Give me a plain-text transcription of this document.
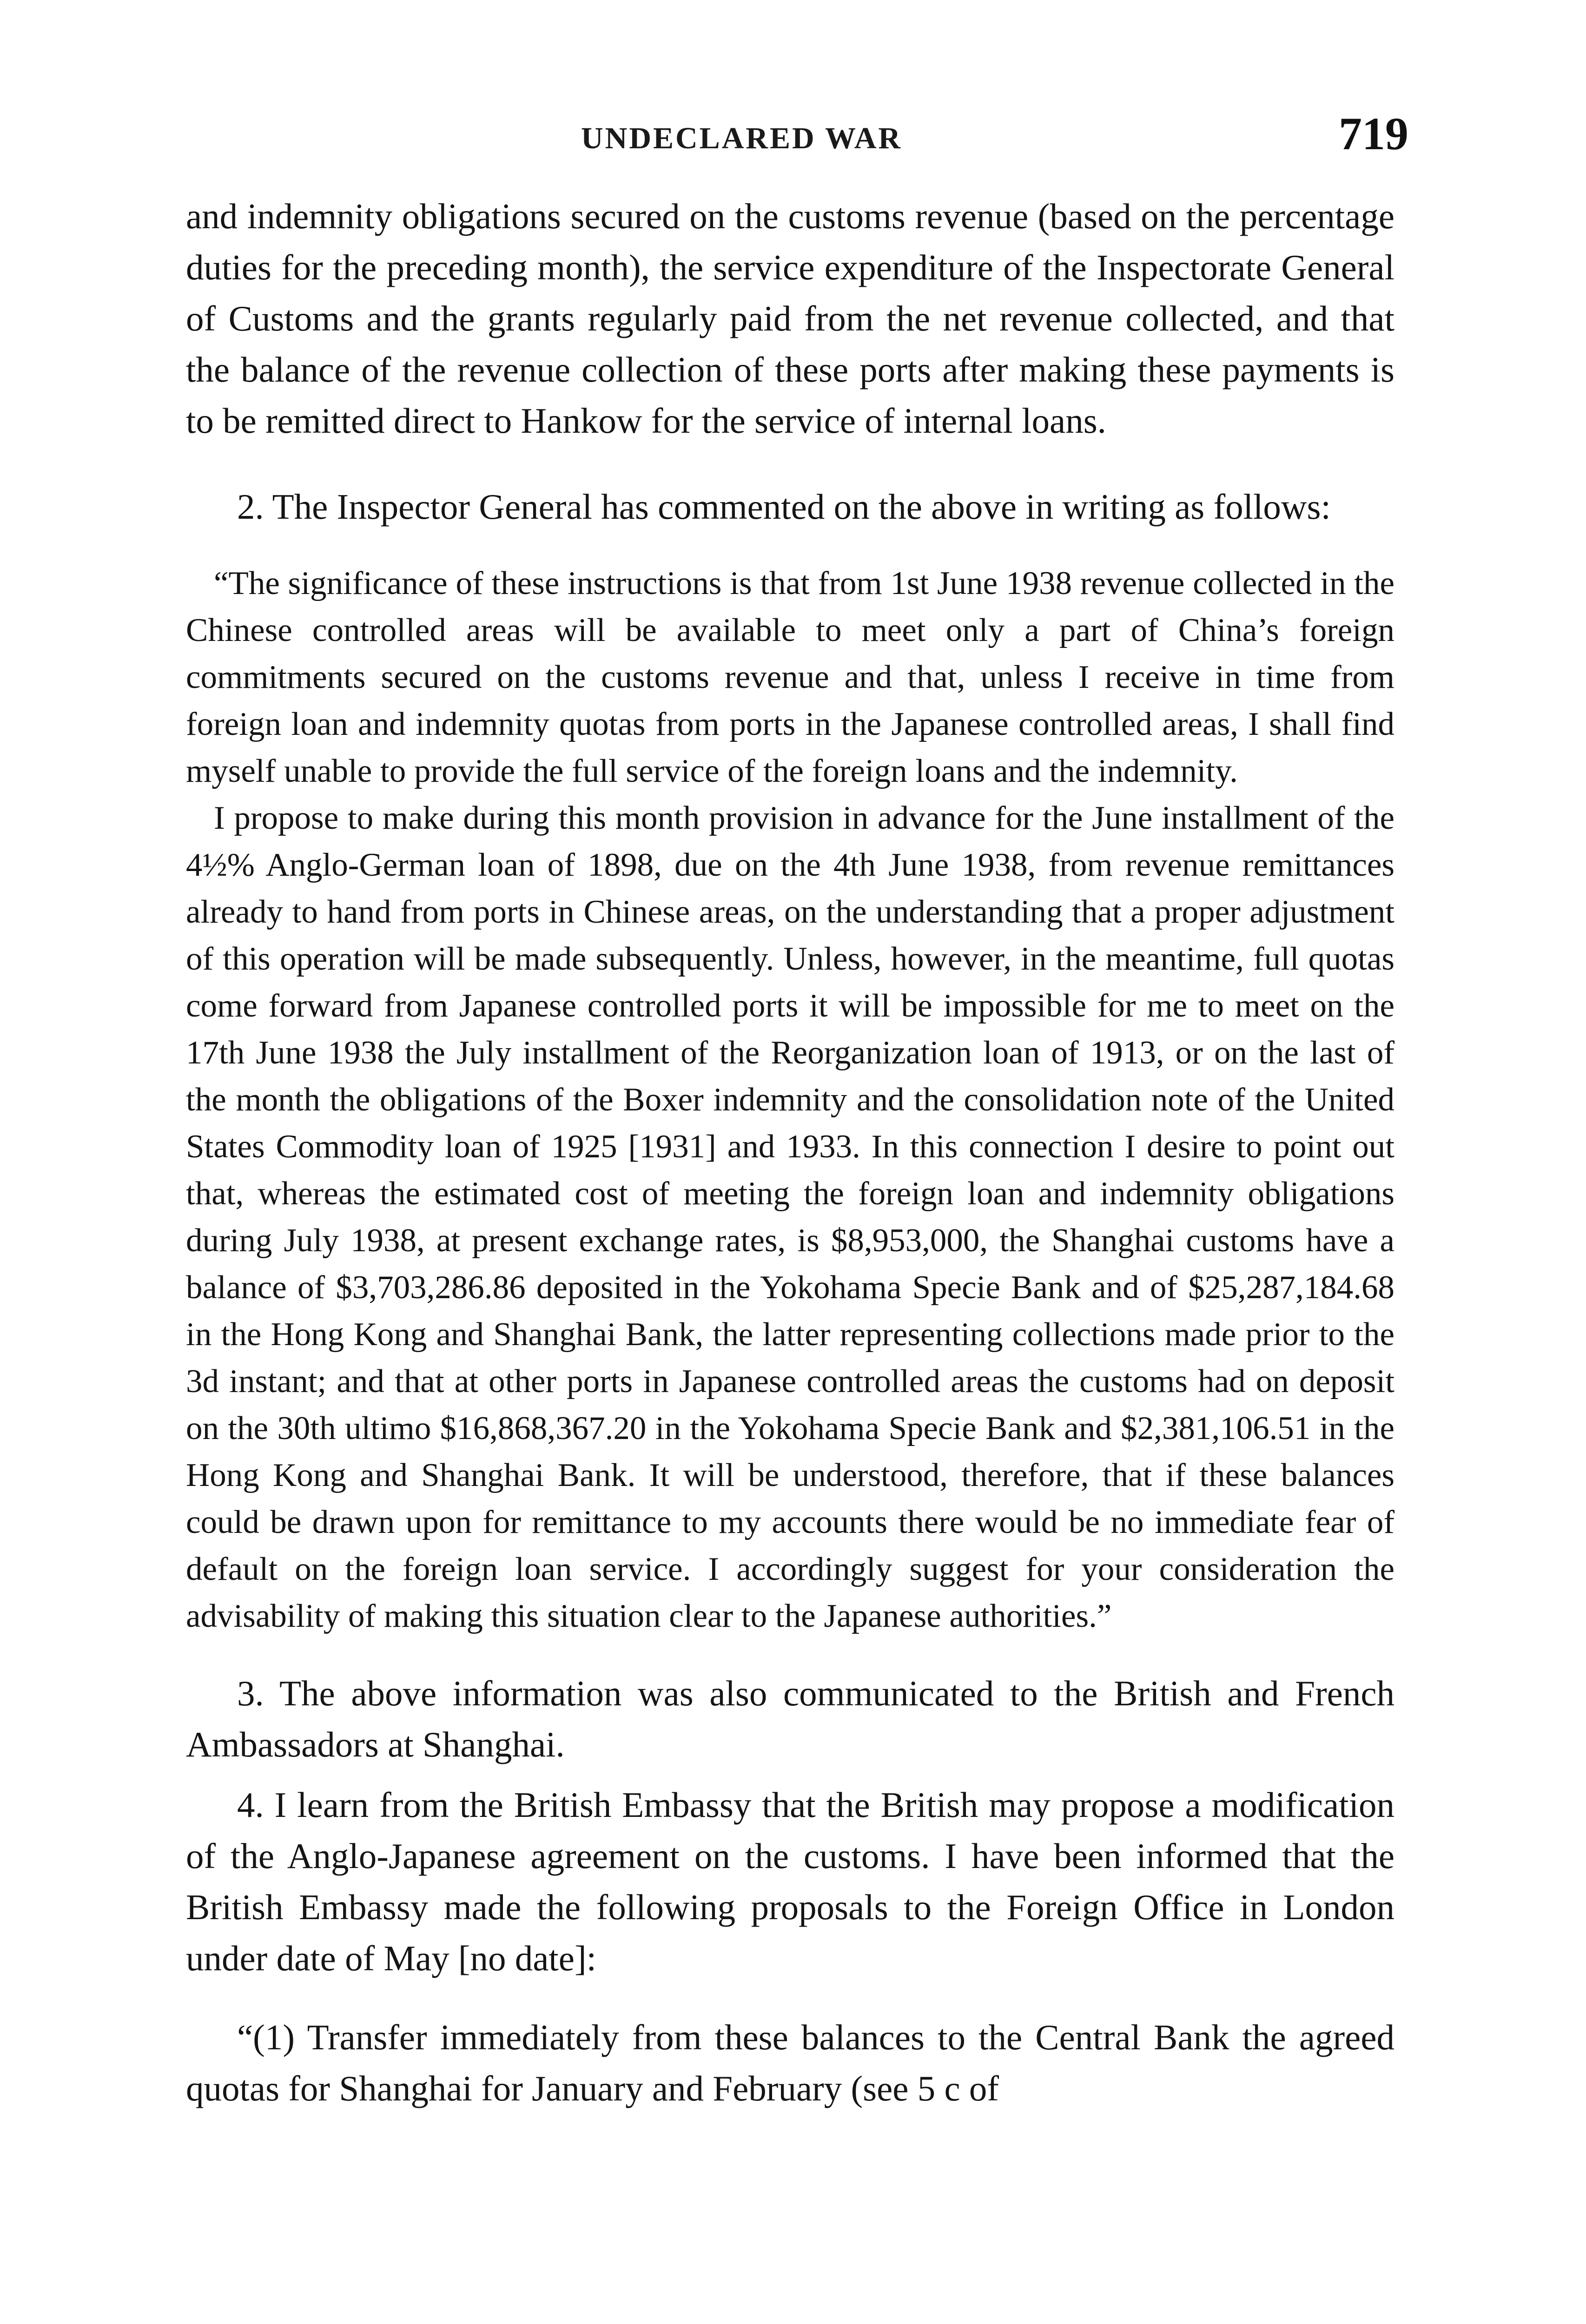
UNDECLARED WAR	719

and indemnity obligations secured on the customs revenue (based on the percentage duties for the preceding month), the service expenditure of the Inspectorate General of Customs and the grants regularly paid from the net revenue collected, and that the balance of the revenue collection of these ports after making these payments is to be remitted direct to Hankow for the service of internal loans.

2. The Inspector General has commented on the above in writing as follows:

“The significance of these instructions is that from 1st June 1938 revenue collected in the Chinese controlled areas will be available to meet only a part of China’s foreign commitments secured on the customs revenue and that, unless I receive in time from foreign loan and indemnity quotas from ports in the Japanese controlled areas, I shall find myself unable to provide the full service of the foreign loans and the indemnity.

I propose to make during this month provision in advance for the June installment of the 4½% Anglo-German loan of 1898, due on the 4th June 1938, from revenue remittances already to hand from ports in Chinese areas, on the understanding that a proper adjustment of this operation will be made subsequently. Unless, however, in the meantime, full quotas come forward from Japanese controlled ports it will be impossible for me to meet on the 17th June 1938 the July installment of the Reorganization loan of 1913, or on the last of the month the obligations of the Boxer indemnity and the consolidation note of the United States Commodity loan of 1925 [1931] and 1933. In this connection I desire to point out that, whereas the estimated cost of meeting the foreign loan and indemnity obligations during July 1938, at present exchange rates, is $8,953,000, the Shanghai customs have a balance of $3,703,286.86 deposited in the Yokohama Specie Bank and of $25,287,184.68 in the Hong Kong and Shanghai Bank, the latter representing collections made prior to the 3d instant; and that at other ports in Japanese controlled areas the customs had on deposit on the 30th ultimo $16,868,367.20 in the Yokohama Specie Bank and $2,381,106.51 in the Hong Kong and Shanghai Bank. It will be understood, therefore, that if these balances could be drawn upon for remittance to my accounts there would be no immediate fear of default on the foreign loan service. I accordingly suggest for your consideration the advisability of making this situation clear to the Japanese authorities.”

3. The above information was also communicated to the British and French Ambassadors at Shanghai.

4. I learn from the British Embassy that the British may propose a modification of the Anglo-Japanese agreement on the customs. I have been informed that the British Embassy made the following proposals to the Foreign Office in London under date of May [no date]:

“(1) Transfer immediately from these balances to the Central Bank the agreed quotas for Shanghai for January and February (see 5 c of
